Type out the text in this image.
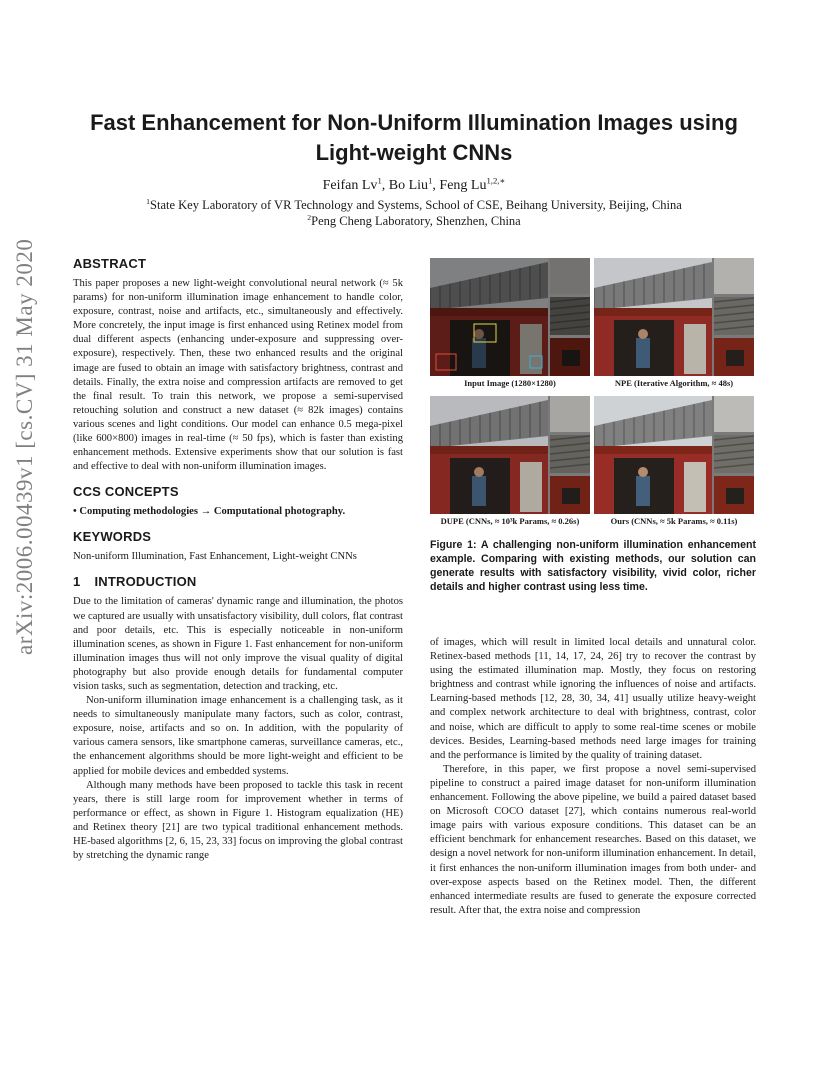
arXiv:2006.00439v1 [cs.CV] 31 May 2020
Fast Enhancement for Non-Uniform Illumination Images using
Light-weight CNNs
Feifan Lv$^1$, Bo Liu$^1$, Feng $Lu^{1,2,∗}$
$^1$State Key Laboratory of VR Technology and Systems, School of CSE, Beihang University, Beijing, China
$^2$Peng Cheng Laboratory, Shenzhen, China
ABSTRACT

This paper proposes a new light-weight convolutional neural network (≈ 5k params) for non-uniform illumination image enhancement to handle color, exposure, contrast, noise and artifacts, etc., simultaneously and effectively. More concretely, the input image is first enhanced using Retinex model from dual different aspects (enhancing under-exposure and suppressing over-exposure), respectively. Then, these two enhanced results and the original image are fused to obtain an image with satisfactory brightness, contrast and details. Finally, the extra noise and compression artifacts are removed to get the final result. To train this network, we propose a semi-supervised retouching solution and construct a new dataset (≈ 82k images) contains various scenes and light conditions. Our model can enhance 0.5 mega-pixel (like 600×800) images in real-time (≈ 50 fps), which is faster than existing enhancement methods. Extensive experiments show that our solution is fast and effective to deal with non-uniform illumination images.

CCS CONCEPTS
• Computing methodologies → Computational photography.
KEYWORDS

Non-uniform Illumination, Fast Enhancement, Light-weight CNNs

1 INTRODUCTION

Due to the limitation of cameras' dynamic range and illumination, the photos we captured are usually with unsatisfactory visibility, dull colors, flat contrast and poor details, etc. This is especially noticeable in non-uniform illumination scenes, as shown in Figure 1. Fast enhancement for non-uniform illumination images thus will not only improve the visual quality of digital photography but also provide enough details for fundamental computer vision tasks, such as segmentation, detection and tracking, etc.

Non-uniform illumination image enhancement is a challenging task, as it needs to simultaneously manipulate many factors, such as color, contrast, exposure, noise, artifacts and so on. In addition, with the popularity of various camera sensors, like smartphone cameras, surveillance cameras, etc., the enhancement algorithms should be more light-weight and efficient to be applied for mobile devices and embedded systems.

Although many methods have been proposed to tackle this task in recent years, there is still large room for improvement whether in terms of performance or effect, as shown in Figure 1. Histogram equalization (HE) and Retinex theory [21] are two typical traditional enhancement methods. HE-based algorithms [2, 6, 15, 23, 33] focus on improving the global contrast by stretching the dynamic range

Input Image (1280×1280)	NPE (Iterative Algorithm, ≈ 48s)
DUPE (CNNs, ≈ 10³k Params, ≈ 0.26s)	Ours (CNNs, ≈ 5k Params, ≈ 0.11s)
Figure 1: A challenging non-uniform illumination enhancement example. Comparing with existing methods, our solution can generate results with satisfactory visibility, vivid color, richer details and higher contrast using less time.

of images, which will result in limited local details and unnatural color. Retinex-based methods [11, 14, 17, 24, 26] try to recover the contrast by using the estimated illumination map. Mostly, they focus on restoring brightness and contrast while ignoring the influences of noise and artifacts. Learning-based methods [12, 28, 30, 34, 41] usually utilize heavy-weight and complex network architecture to deal with brightness, contrast, color and noise, which are difficult to apply to some real-time scenes or mobile devices. Besides, Learning-based methods need large images for training and the performance is limited by the quality of training dataset.

Therefore, in this paper, we first propose a novel semi-supervised pipeline to construct a paired image dataset for non-uniform illumination enhancement. Following the above pipeline, we build a paired dataset based on Microsoft COCO dataset [27], which contains numerous real-world image pairs with various exposure conditions. This dataset can be an efficient benchmark for enhancement researches. Based on this dataset, we design a novel network for non-uniform illumination enhancement. In detail, it first enhances the non-uniform illumination images from both under- and over-expose aspects based on the Retinex model. Then, the different enhanced intermediate results are fused to generate the exposure corrected result. After that, the extra noise and compression
